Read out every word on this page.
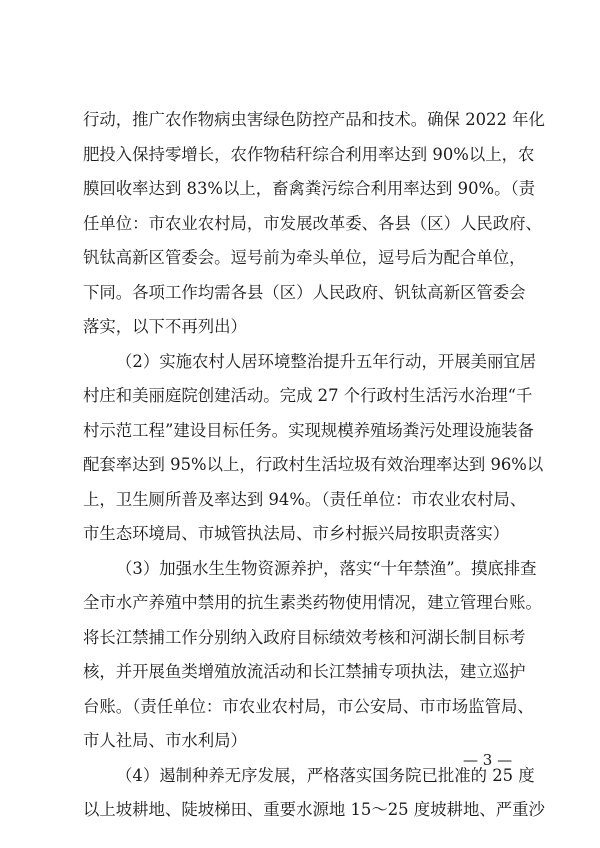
行动，推广农作物病虫害绿色防控产品和技术。确保 2022 年化
肥投入保持零增长，农作物秸秆综合利用率达到 90%以上，农
膜回收率达到 83%以上，畜禽粪污综合利用率达到 90%。（责
任单位：市农业农村局，市发展改革委、各县（区）人民政府、
钒钛高新区管委会。逗号前为牵头单位，逗号后为配合单位，
下同。各项工作均需各县（区）人民政府、钒钛高新区管委会
落实，以下不再列出）
（2）实施农村人居环境整治提升五年行动，开展美丽宜居
村庄和美丽庭院创建活动。完成 27 个行政村生活污水治理“千
村示范工程”建设目标任务。实现规模养殖场粪污处理设施装备
配套率达到 95%以上，行政村生活垃圾有效治理率达到 96%以
上，卫生厕所普及率达到 94%。（责任单位：市农业农村局、
市生态环境局、市城管执法局、市乡村振兴局按职责落实）
（3）加强水生生物资源养护，落实“十年禁渔”。摸底排查
全市水产养殖中禁用的抗生素类药物使用情况，建立管理台账。
将长江禁捕工作分别纳入政府目标绩效考核和河湖长制目标考
核，并开展鱼类增殖放流活动和长江禁捕专项执法，建立巡护
台账。（责任单位：市农业农村局，市公安局、市市场监管局、
市人社局、市水利局）
（4）遏制种养无序发展，严格落实国务院已批准的 25 度
以上坡耕地、陡坡梯田、重要水源地 15～25 度坡耕地、严重沙
— 3 —
